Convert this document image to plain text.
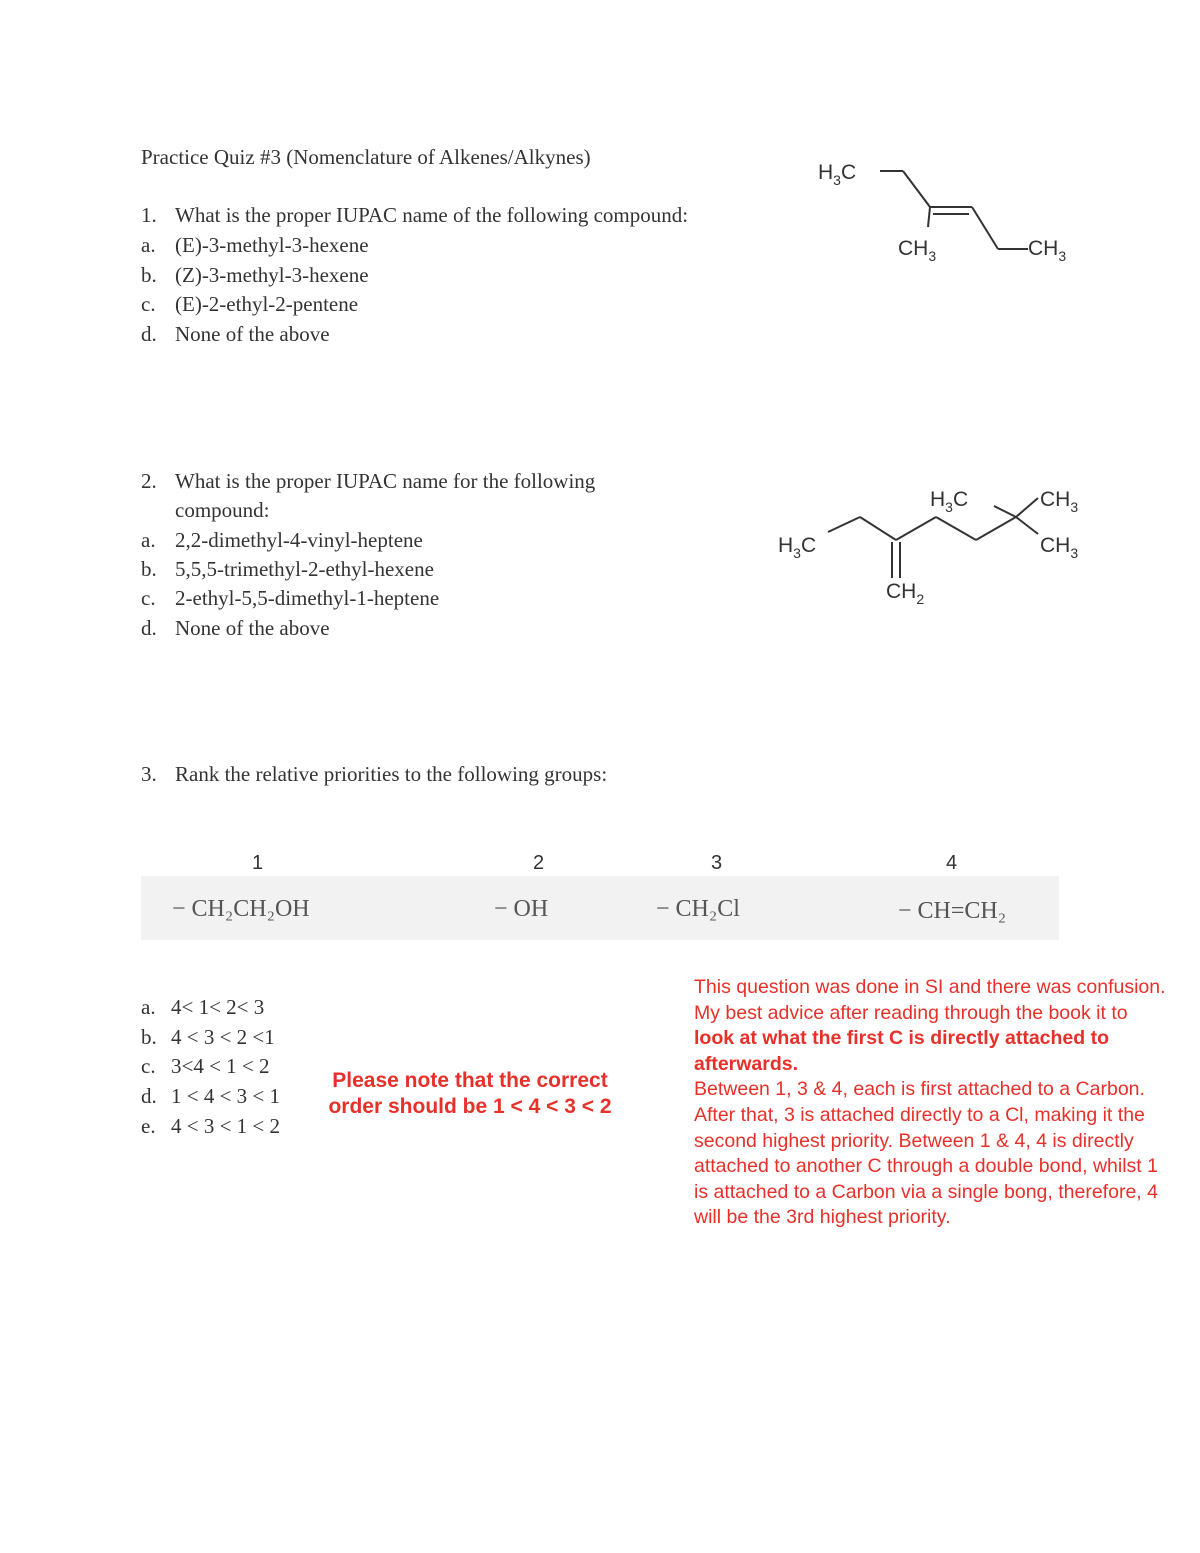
Practice Quiz #3 (Nomenclature of Alkenes/Alkynes)
1. What is the proper IUPAC name of the following compound:
a. (E)-3-methyl-3-hexene
b. (Z)-3-methyl-3-hexene
c. (E)-2-ethyl-2-pentene
d. None of the above
$H_3C$
$CH_3$	$CH_3$
2. What is the proper IUPAC name for the following
compound:
a. 2,2-dimethyl-4-vinyl-heptene
b. 5,5,5-trimethyl-2-ethyl-hexene
c. 2-ethyl-5,5-dimethyl-1-heptene
d. None of the above
$H_3C$
$H_3C$	$CH_3$
$CH_3$
$CH_2$
3. Rank the relative priorities to the following groups:
1	2	3	4
− CH₂CH₂OH	− OH	− CH₂Cl	− CH=CH₂
a. 4< 1< 2< 3
b. 4 < 3 < 2 <1
c. 3<4 < 1 < 2
d. 1 < 4 < 3 < 1
e. 4 < 3 < 1 < 2
Please note that the correct
order should be 1 < 4 < 3 < 2
This question was done in SI and there was confusion. My best advice after reading through the book it to look at what the first C is directly attached to afterwards.
Between 1, 3 & 4, each is first attached to a Carbon. After that, 3 is attached directly to a Cl, making it the second highest priority. Between 1 & 4, 4 is directly attached to another C through a double bond, whilst 1 is attached to a Carbon via a single bong, therefore, 4 will be the 3rd highest priority.
